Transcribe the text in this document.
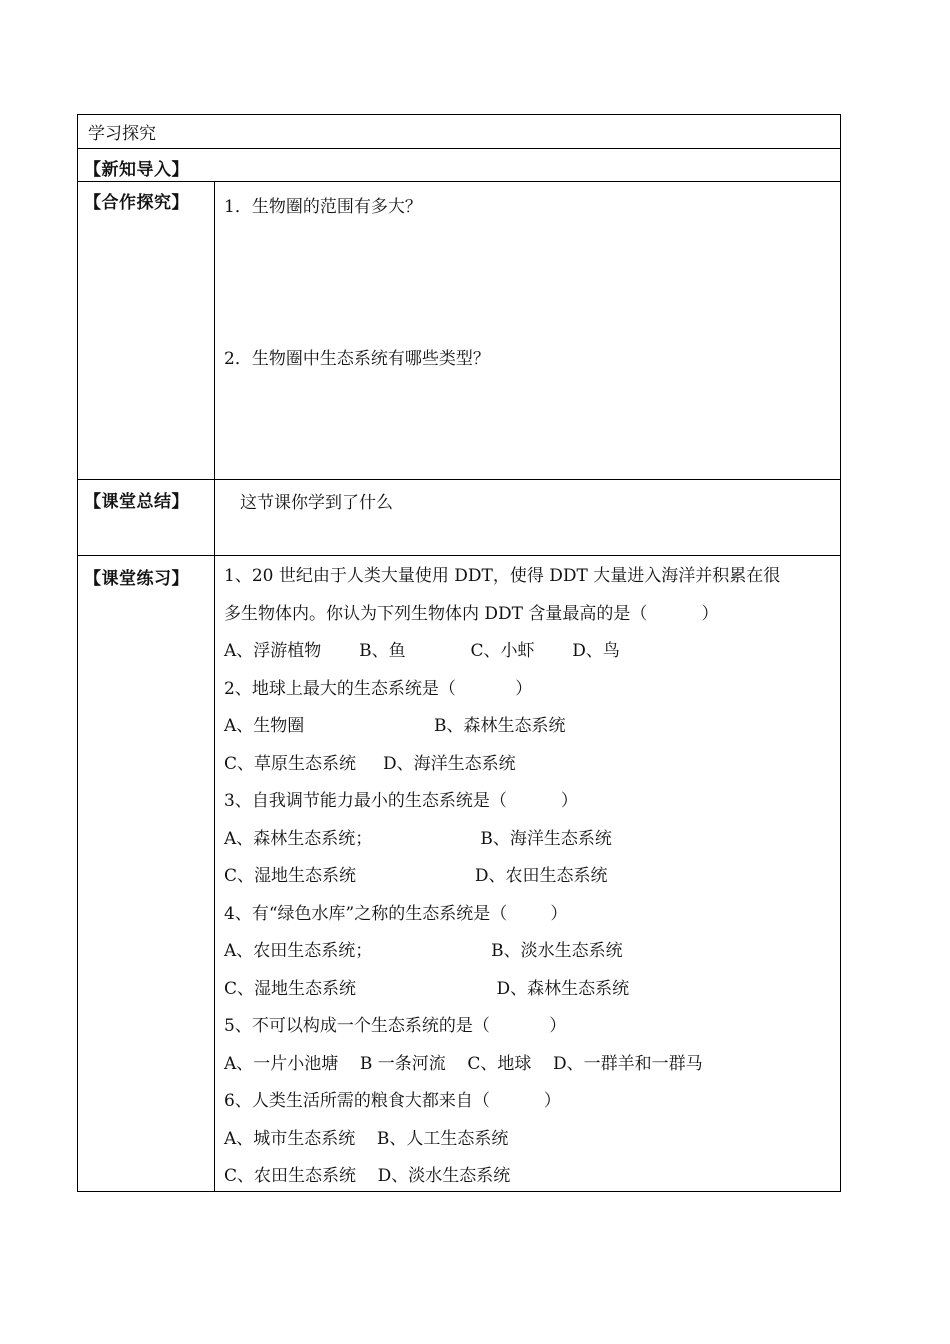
学习探究
【新知导入】
【合作探究】
【课堂总结】
【课堂练习】
1．生物圈的范围有多大？
2．生物圈中生态系统有哪些类型？
这节课你学到了什么
1、20 世纪由于人类大量使用 DDT，使得 DDT 大量进入海洋并积累在很
多生物体内。你认为下列生物体内 DDT 含量最高的是（          ）
A、浮游植物       B、鱼            C、小虾       D、鸟
2、地球上最大的生态系统是（           ）
A、生物圈                        B、森林生态系统
C、草原生态系统     D、海洋生态系统
3、自我调节能力最小的生态系统是（          ）
A、森林生态系统；                    B、海洋生态系统
C、湿地生态系统                      D、农田生态系统
4、有“绿色水库”之称的生态系统是（        ）
A、农田生态系统；                      B、淡水生态系统
C、湿地生态系统                          D、森林生态系统
5、不可以构成一个生态系统的是（           ）
A、一片小池塘    B 一条河流    C、地球    D、一群羊和一群马
6、人类生活所需的粮食大都来自（          ）
A、城市生态系统    B、人工生态系统
C、农田生态系统    D、淡水生态系统
